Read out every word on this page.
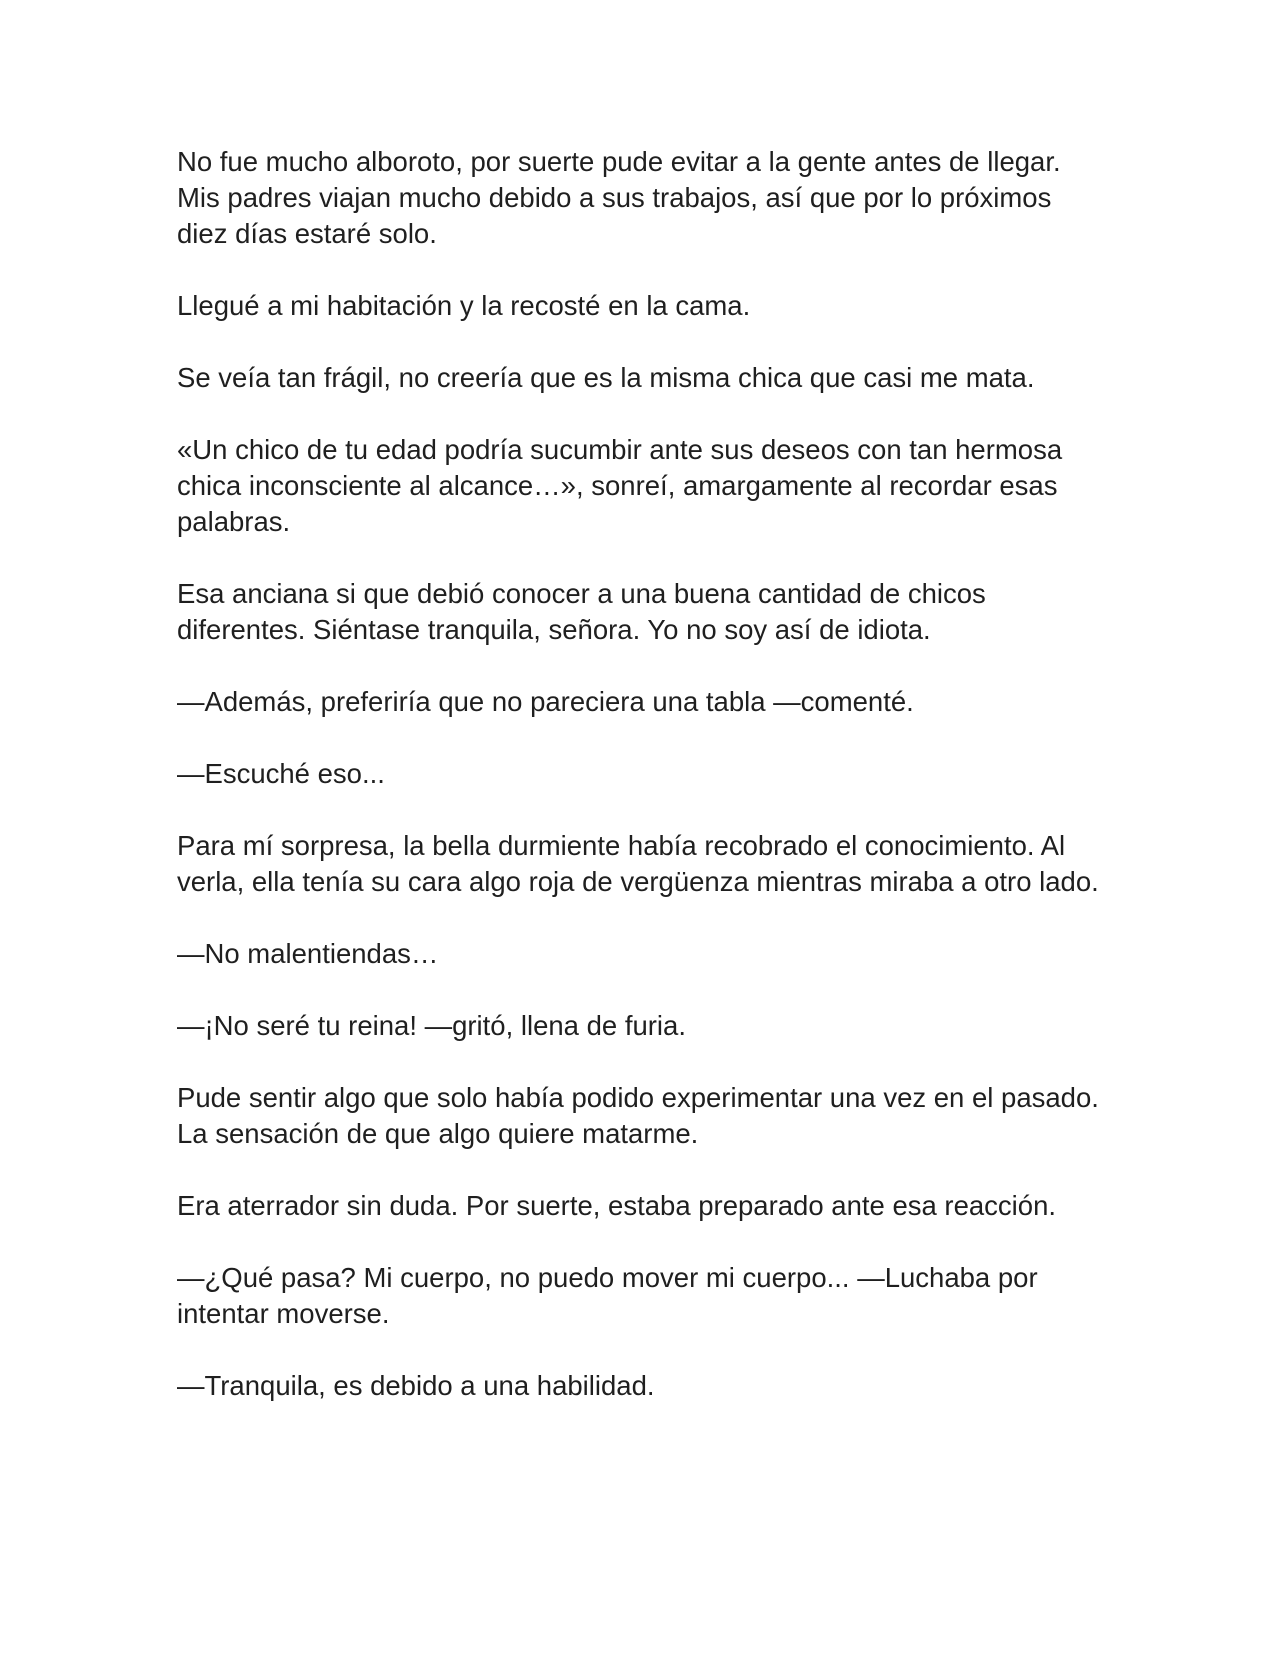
No fue mucho alboroto, por suerte pude evitar a la gente antes de llegar. Mis padres viajan mucho debido a sus trabajos, así que por lo próximos diez días estaré solo.

Llegué a mi habitación y la recosté en la cama.

Se veía tan frágil, no creería que es la misma chica que casi me mata.

«Un chico de tu edad podría sucumbir ante sus deseos con tan hermosa chica inconsciente al alcance…», sonreí, amargamente al recordar esas palabras.

Esa anciana si que debió conocer a una buena cantidad de chicos diferentes. Siéntase tranquila, señora. Yo no soy así de idiota.

—Además, preferiría que no pareciera una tabla —comenté.

—Escuché eso...

Para mí sorpresa, la bella durmiente había recobrado el conocimiento. Al verla, ella tenía su cara algo roja de vergüenza mientras miraba a otro lado.

—No malentiendas…

—¡No seré tu reina! —gritó, llena de furia.

Pude sentir algo que solo había podido experimentar una vez en el pasado. La sensación de que algo quiere matarme.

Era aterrador sin duda. Por suerte, estaba preparado ante esa reacción.

—¿Qué pasa? Mi cuerpo, no puedo mover mi cuerpo... —Luchaba por intentar moverse.

—Tranquila, es debido a una habilidad.
